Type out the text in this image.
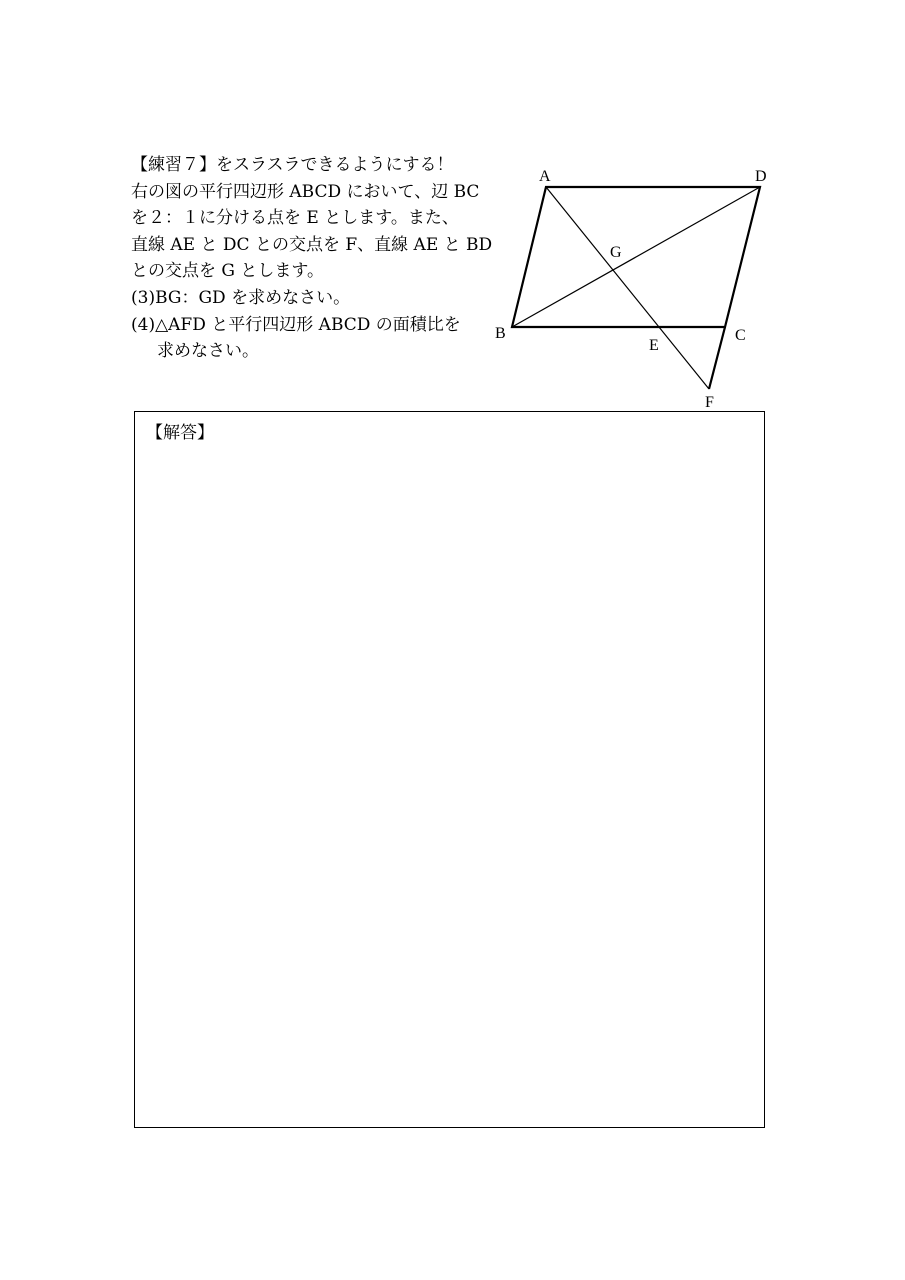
【練習７】をスラスラできるようにする！
右の図の平行四辺形 ABCD において、辺 BC
を２：１に分ける点を E とします。また、
直線 AE と DC との交点を F、直線 AE と BD
との交点を G とします。
(3)BG：GD を求めなさい。
(4)△AFD と平行四辺形 ABCD の面積比を
求めなさい。
A	D
G
B	C
E
F
【解答】
